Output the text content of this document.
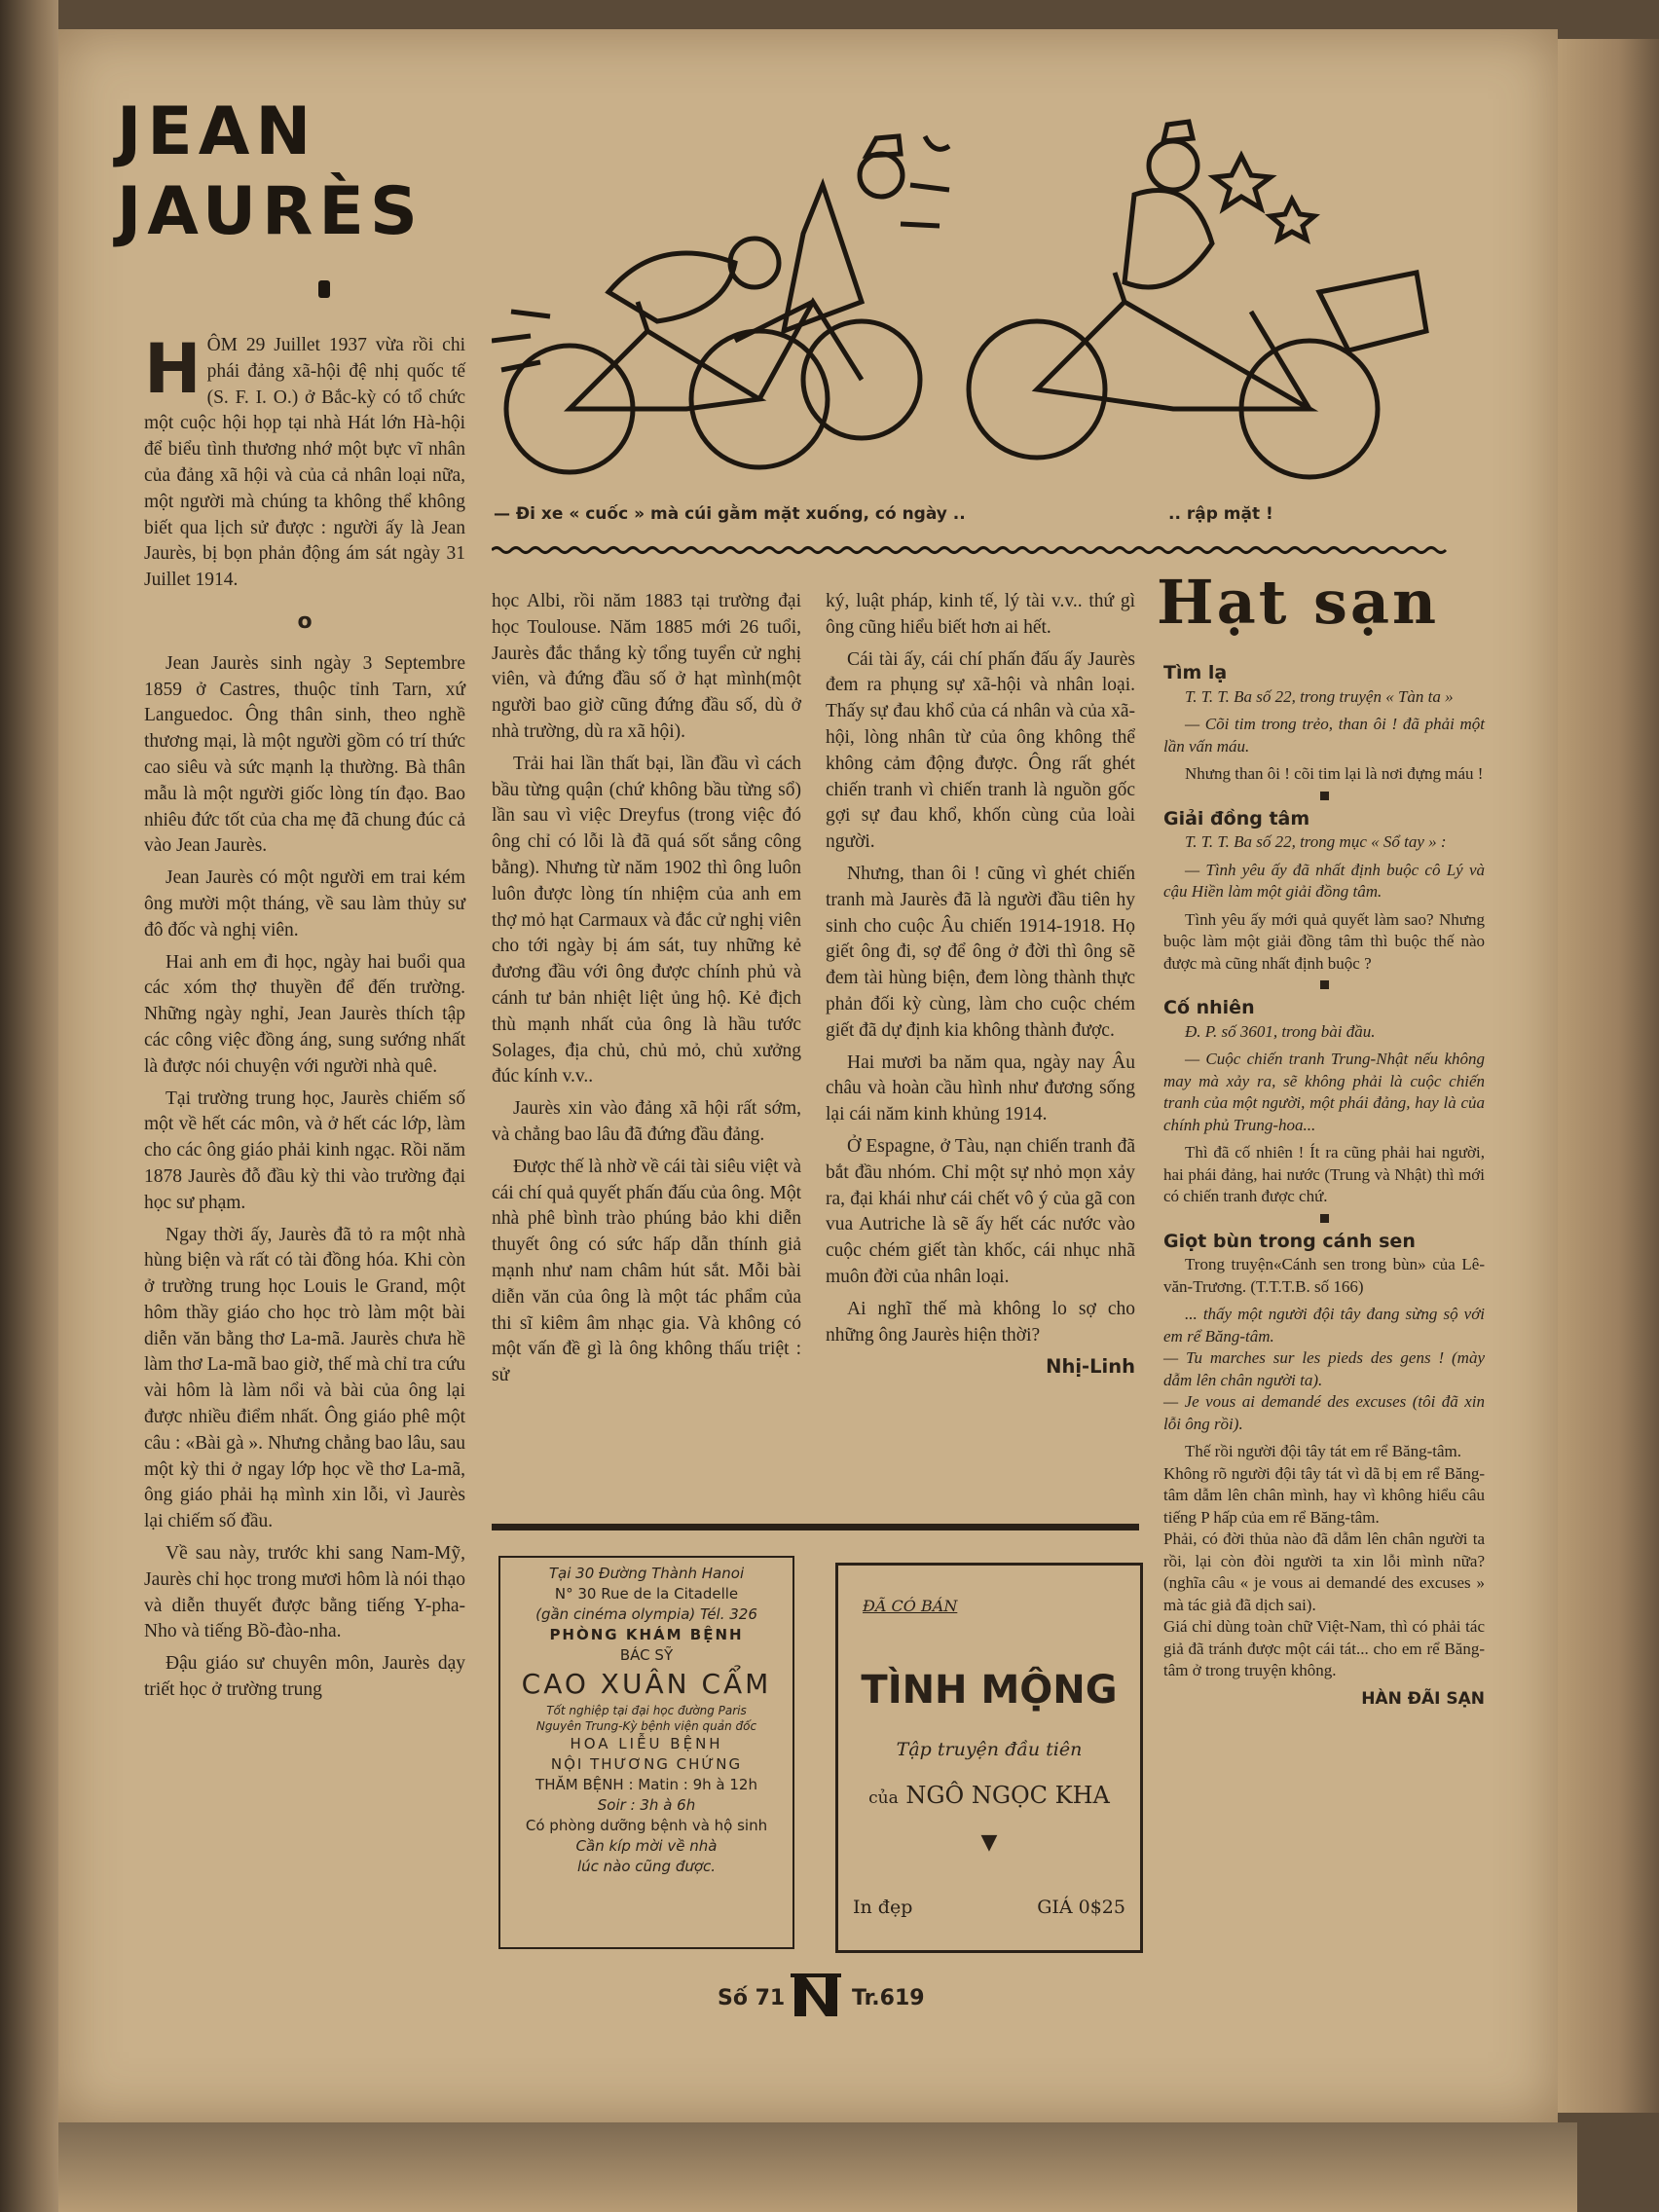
JEAN
JAURÈS

HÔM 29 Juillet 1937 vừa rồi chi phái đảng xã-hội đệ nhị quốc tế (S. F. I. O.) ở Bắc-kỳ có tổ chức một cuộc hội họp tại nhà Hát lớn Hà-hội để biểu tình thương nhớ một bực vĩ nhân của đảng xã hội và của cả nhân loại nữa, một người mà chúng ta không thể không biết qua lịch sử được : người ấy là Jean Jaurès, bị bọn phản động ám sát ngày 31 Juillet 1914.

o

Jean Jaurès sinh ngày 3 Septembre 1859 ở Castres, thuộc tỉnh Tarn, xứ Languedoc. Ông thân sinh, theo nghề thương mại, là một người gồm có trí thức cao siêu và sức mạnh lạ thường. Bà thân mẫu là một người giốc lòng tín đạo. Bao nhiêu đức tốt của cha mẹ đã chung đúc cả vào Jean Jaurès.

Jean Jaurès có một người em trai kém ông mười một tháng, về sau làm thủy sư đô đốc và nghị viên.

Hai anh em đi học, ngày hai buổi qua các xóm thợ thuyền để đến trường. Những ngày nghỉ, Jean Jaurès thích tập các công việc đồng áng, sung sướng nhất là được nói chuyện với người nhà quê.

Tại trường trung học, Jaurès chiếm số một về hết các môn, và ở hết các lớp, làm cho các ông giáo phải kinh ngạc. Rồi năm 1878 Jaurès đỗ đầu kỳ thi vào trường đại học sư phạm.

Ngay thời ấy, Jaurès đã tỏ ra một nhà hùng biện và rất có tài đồng hóa. Khi còn ở trường trung học Louis le Grand, một hôm thầy giáo cho học trò làm một bài diễn văn bằng thơ La-mã. Jaurès chưa hề làm thơ La-mã bao giờ, thế mà chỉ tra cứu vài hôm là làm nổi và bài của ông lại được nhiều điểm nhất. Ông giáo phê một câu : «Bài gà ». Nhưng chẳng bao lâu, sau một kỳ thi ở ngay lớp học về thơ La-mã, ông giáo phải hạ mình xin lỗi, vì Jaurès lại chiếm số đầu.

Về sau này, trước khi sang Nam-Mỹ, Jaurès chỉ học trong mươi hôm là nói thạo và diễn thuyết được bằng tiếng Y-pha-Nho và tiếng Bồ-đào-nha.

Đậu giáo sư chuyên môn, Jaurès dạy triết học ở trường trung

— Đi xe « cuốc » mà cúi gằm mặt xuống, có ngày ..	.. rập mặt !

học Albi, rồi năm 1883 tại trường đại học Toulouse. Năm 1885 mới 26 tuổi, Jaurès đắc thắng kỳ tổng tuyển cử nghị viên, và đứng đầu số ở hạt mình(một người bao giờ cũng đứng đầu số, dù ở nhà trường, dù ra xã hội).

Trải hai lần thất bại, lần đầu vì cách bầu từng quận (chứ không bầu từng sổ) lần sau vì việc Dreyfus (trong việc đó ông chỉ có lỗi là đã quá sốt sắng công bằng). Nhưng từ năm 1902 thì ông luôn luôn được lòng tín nhiệm của anh em thợ mỏ hạt Carmaux và đắc cử nghị viên cho tới ngày bị ám sát, tuy những kẻ đương đầu với ông được chính phủ và cánh tư bản nhiệt liệt ủng hộ. Kẻ địch thù mạnh nhất của ông là hầu tước Solages, địa chủ, chủ mỏ, chủ xưởng đúc kính v.v..

Jaurès xin vào đảng xã hội rất sớm, và chẳng bao lâu đã đứng đầu đảng.

Được thế là nhờ về cái tài siêu việt và cái chí quả quyết phấn đấu của ông. Một nhà phê bình trào phúng bảo khi diễn thuyết ông có sức hấp dẫn thính giả mạnh như nam châm hút sắt. Mỗi bài diễn văn của ông là một tác phẩm của thi sĩ kiêm âm nhạc gia. Và không có một vấn đề gì là ông không thấu triệt : sử

ký, luật pháp, kinh tế, lý tài v.v.. thứ gì ông cũng hiểu biết hơn ai hết.

Cái tài ấy, cái chí phấn đấu ấy Jaurès đem ra phụng sự xã-hội và nhân loại. Thấy sự đau khổ của cá nhân và của xã-hội, lòng nhân từ của ông không thể không cảm động được. Ông rất ghét chiến tranh vì chiến tranh là nguồn gốc gợi sự đau khổ, khốn cùng của loài người.

Nhưng, than ôi ! cũng vì ghét chiến tranh mà Jaurès đã là người đầu tiên hy sinh cho cuộc Âu chiến 1914-1918. Họ giết ông đi, sợ để ông ở đời thì ông sẽ đem tài hùng biện, đem lòng thành thực phản đối kỳ cùng, làm cho cuộc chém giết đã dự định kia không thành được.

Hai mươi ba năm qua, ngày nay Âu châu và hoàn cầu hình như đương sống lại cái năm kinh khủng 1914.

Ở Espagne, ở Tàu, nạn chiến tranh đã bắt đầu nhóm. Chỉ một sự nhỏ mọn xảy ra, đại khái như cái chết vô ý của gã con vua Autriche là sẽ ấy hết các nước vào cuộc chém giết tàn khốc, cái nhục nhã muôn đời của nhân loại.

Ai nghĩ thế mà không lo sợ cho những ông Jaurès hiện thời?

Nhị-Linh

Hạt sạn
Tìm lạ

T. T. T. Ba số 22, trong truyện « Tàn ta »

— Cõi tim trong trẻo, than ôi ! đã phải một lần vấn máu.

Nhưng than ôi ! cõi tim lại là nơi đựng máu !

Giải đồng tâm

T. T. T. Ba số 22, trong mục « Sổ tay » :

— Tình yêu ấy đã nhất định buộc cô Lý và cậu Hiền làm một giải đồng tâm.

Tình yêu ấy mới quả quyết làm sao? Nhưng buộc làm một giải đồng tâm thì buộc thế nào được mà cũng nhất định buộc ?

Cố nhiên

Đ. P. số 3601, trong bài đầu.

— Cuộc chiến tranh Trung-Nhật nếu không may mà xảy ra, sẽ không phải là cuộc chiến tranh của một người, một phái đảng, hay là của chính phủ Trung-hoa...

Thì đã cố nhiên ! Ít ra cũng phải hai người, hai phái đảng, hai nước (Trung và Nhật) thì mới có chiến tranh được chứ.

Giọt bùn trong cánh sen

Trong truyện«Cánh sen trong bùn» của Lê-văn-Trương. (T.T.T.B. số 166)

... thấy một người đội tây đang sừng sộ với em rể Băng-tâm.
— Tu marches sur les pieds des gens ! (mày dẫm lên chân người ta).
— Je vous ai demandé des excuses (tôi đã xin lỗi ông rồi).

Thế rồi người đội tây tát em rể Băng-tâm.
Không rõ người đội tây tát vì dã bị em rể Băng-tâm dẫm lên chân mình, hay vì không hiểu câu tiếng P hấp của em rể Băng-tâm.
Phải, có đời thủa nào đã dẫm lên chân người ta rồi, lại còn đòi người ta xin lỗi mình nữa? (nghĩa câu « je vous ai demandé des excuses » mà tác giả đã dịch sai).
Giá chỉ dùng toàn chữ Việt-Nam, thì có phải tác giả đã tránh được một cái tát... cho em rể Băng-tâm ở trong truyện không.

HÀN ĐÃI SẠN

Tại 30 Đường Thành Hanoi
N° 30 Rue de la Citadelle
(gần cinéma olympia) Tél. 326
PHÒNG KHÁM BỆNH
BÁC SỸ
CAO XUÂN CẨM
Tốt nghiệp tại đại học đường Paris
Nguyên Trung-Kỳ bệnh viện quản đốc
HOA LIỄU BỆNH
NỘI THƯƠNG CHỨNG
THĂM BỆNH : Matin : 9h à 12h
Soir : 3h à 6h
Có phòng dưỡng bệnh và hộ sinh
Cần kíp mời về nhà
lúc nào cũng được.
ĐÃ CÓ BÁN
TÌNH MỘNG
Tập truyện đầu tiên
của NGÔ NGỌC KHA
▼
In đẹp	GIÁ 0$25
Số 71	Tr.619
